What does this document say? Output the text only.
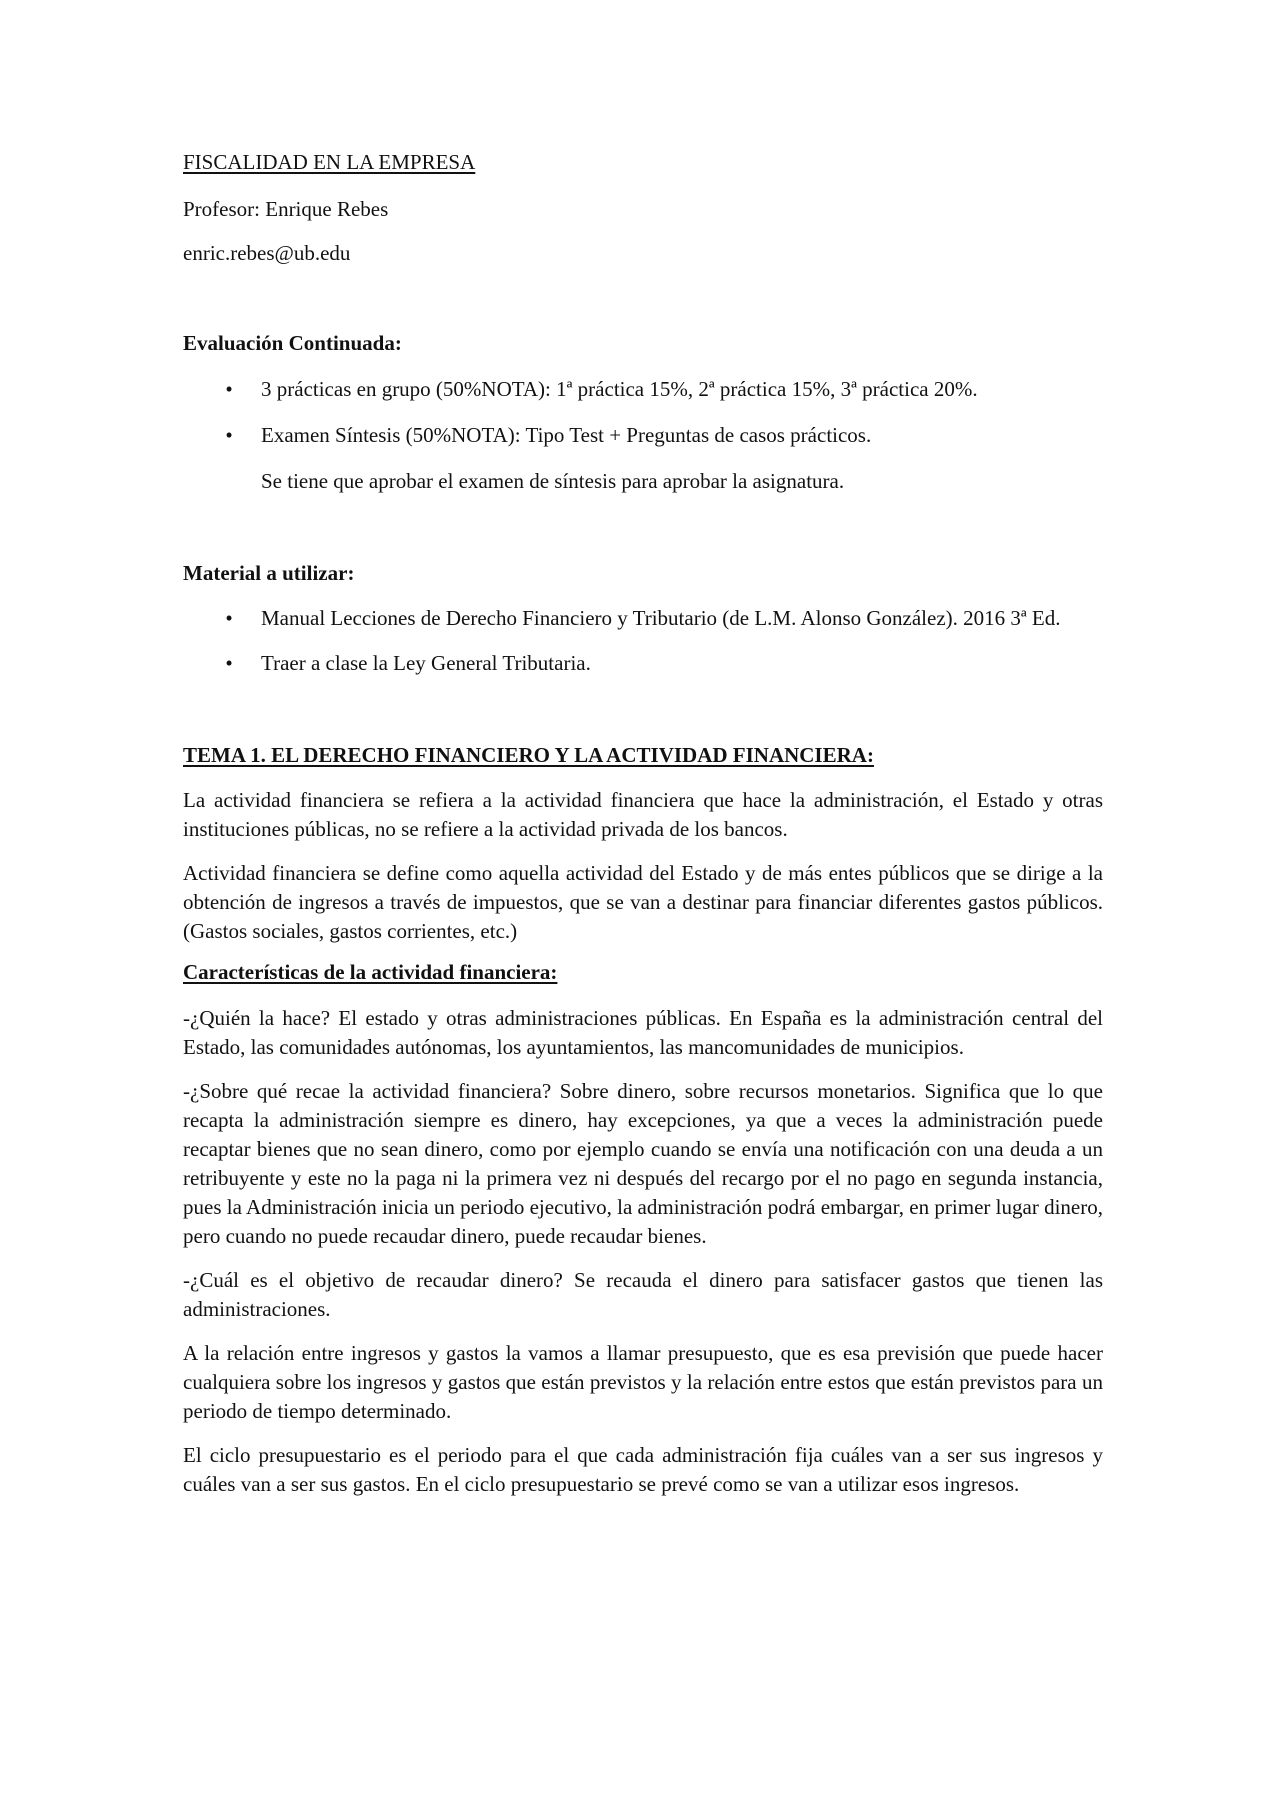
FISCALIDAD EN LA EMPRESA
Profesor: Enrique Rebes
enric.rebes@ub.edu
Evaluación Continuada:
•	3 prácticas en grupo (50%NOTA): 1ª práctica 15%, 2ª práctica 15%, 3ª práctica 20%.
•	Examen Síntesis (50%NOTA): Tipo Test + Preguntas de casos prácticos.
Se tiene que aprobar el examen de síntesis para aprobar la asignatura.
Material a utilizar:
•	Manual Lecciones de Derecho Financiero y Tributario (de L.M. Alonso González). 2016 3ª Ed.
•	Traer a clase la Ley General Tributaria.
TEMA 1. EL DERECHO FINANCIERO Y LA ACTIVIDAD FINANCIERA:

La actividad financiera se refiera a la actividad financiera que hace la administración, el Estado y otras instituciones públicas, no se refiere a la actividad privada de los bancos.

Actividad financiera se define como aquella actividad del Estado y de más entes públicos que se dirige a la obtención de ingresos a través de impuestos, que se van a destinar para financiar diferentes gastos públicos. (Gastos sociales, gastos corrientes, etc.)

Características de la actividad financiera:

-¿Quién la hace? El estado y otras administraciones públicas. En España es la administración central del Estado, las comunidades autónomas, los ayuntamientos, las mancomunidades de municipios.

-¿Sobre qué recae la actividad financiera? Sobre dinero, sobre recursos monetarios. Significa que lo que recapta la administración siempre es dinero, hay excepciones, ya que a veces la administración puede recaptar bienes que no sean dinero, como por ejemplo cuando se envía una notificación con una deuda a un retribuyente y este no la paga ni la primera vez ni después del recargo por el no pago en segunda instancia, pues la Administración inicia un periodo ejecutivo, la administración podrá embargar, en primer lugar dinero, pero cuando no puede recaudar dinero, puede recaudar bienes.

-¿Cuál es el objetivo de recaudar dinero? Se recauda el dinero para satisfacer gastos que tienen las administraciones.

A la relación entre ingresos y gastos la vamos a llamar presupuesto, que es esa previsión que puede hacer cualquiera sobre los ingresos y gastos que están previstos y la relación entre estos que están previstos para un periodo de tiempo determinado.

El ciclo presupuestario es el periodo para el que cada administración fija cuáles van a ser sus ingresos y cuáles van a ser sus gastos. En el ciclo presupuestario se prevé como se van a utilizar esos ingresos.
